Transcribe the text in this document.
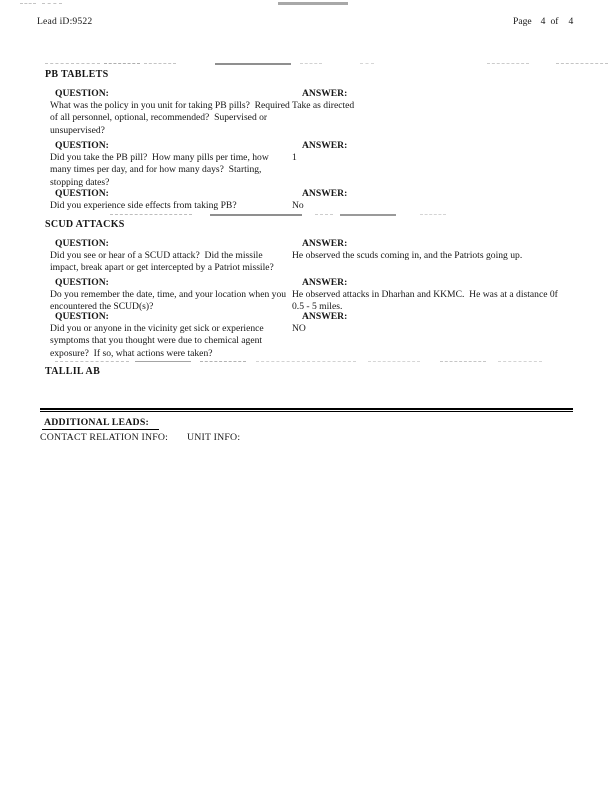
Lead iD:9522	Page 4 of 4
PB TABLETS
QUESTION:
What was the policy in you unit for taking PB pills?  Required of all personnel, optional, recommended?  Supervised or unsupervised?
ANSWER:
Take as directed
QUESTION:
Did you take the PB pill?  How many pills per time, how many times per day, and for how many days?  Starting, stopping dates?
ANSWER:
1
QUESTION:
Did you experience side effects from taking PB?
ANSWER:
No
SCUD ATTACKS
QUESTION:
Did you see or hear of a SCUD attack?  Did the missile impact, break apart or get intercepted by a Patriot missile?
ANSWER:
He observed the scuds coming in, and the Patriots going up.
QUESTION:
Do you remember the date, time, and your location when you encountered the SCUD(s)?
ANSWER:
He observed attacks in Dharhan and KKMC.  He was at a distance 0f 0.5 - 5 miles.
QUESTION:
Did you or anyone in the vicinity get sick or experience symptoms that you thought were due to chemical agent exposure?  If so, what actions were taken?
ANSWER:
NO
TALLIL AB
ADDITIONAL LEADS:
CONTACT RELATION INFO:	UNIT INFO:
